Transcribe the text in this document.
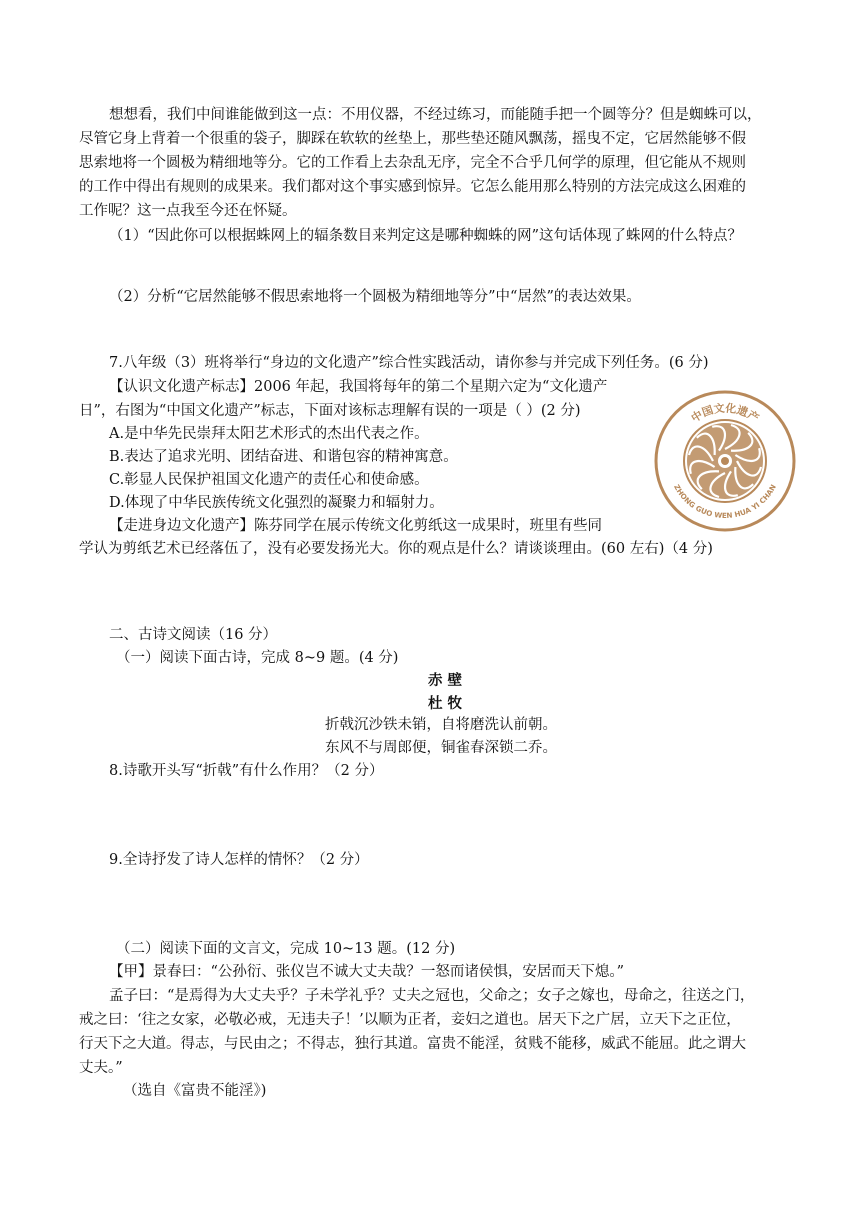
想想看，我们中间谁能做到这一点：不用仪器，不经过练习，而能随手把一个圆等分？但是蜘蛛可以，
尽管它身上背着一个很重的袋子，脚踩在软软的丝垫上，那些垫还随风飘荡，摇曳不定，它居然能够不假
思索地将一个圆极为精细地等分。它的工作看上去杂乱无序，完全不合乎几何学的原理，但它能从不规则
的工作中得出有规则的成果来。我们都对这个事实感到惊异。它怎么能用那么特别的方法完成这么困难的
工作呢？这一点我至今还在怀疑。
（1）“因此你可以根据蛛网上的辐条数目来判定这是哪种蜘蛛的网”这句话体现了蛛网的什么特点？
（2）分析“它居然能够不假思索地将一个圆极为精细地等分”中“居然”的表达效果。
7.八年级（3）班将举行“身边的文化遗产”综合性实践活动，请你参与并完成下列任务。(6 分)
【认识文化遗产标志】2006 年起，我国将每年的第二个星期六定为“文化遗产
日”，右图为“中国文化遗产”标志，下面对该标志理解有误的一项是（ ）(2 分)
A.是中华先民崇拜太阳艺术形式的杰出代表之作。
B.表达了追求光明、团结奋进、和谐包容的精神寓意。
C.彰显人民保护祖国文化遗产的责任心和使命感。
D.体现了中华民族传统文化强烈的凝聚力和辐射力。
【走进身边文化遗产】陈芬同学在展示传统文化剪纸这一成果时，班里有些同
学认为剪纸艺术已经落伍了，没有必要发扬光大。你的观点是什么？请谈谈理由。(60 左右)（4 分)
中国文化遗产
ZHONG GUO WEN HUA YI CHAN
二、古诗文阅读（16 分）
（一）阅读下面古诗，完成 8~9 题。(4 分)
赤 壁
杜 牧
折戟沉沙铁未销，自将磨洗认前朝。
东风不与周郎便，铜雀春深锁二乔。
8.诗歌开头写“折戟”有什么作用？（2 分）
9.全诗抒发了诗人怎样的情怀？（2 分）
（二）阅读下面的文言文，完成 10~13 题。(12 分)
【甲】景春曰：“公孙衍、张仪岂不诚大丈夫哉？一怒而诸侯惧，安居而天下熄。”
孟子曰：“是焉得为大丈夫乎？子未学礼乎？丈夫之冠也，父命之；女子之嫁也，母命之，往送之门，
戒之曰：‘往之女家，必敬必戒，无违夫子！’以顺为正者，妾妇之道也。居天下之广居，立天下之正位，
行天下之大道。得志，与民由之；不得志，独行其道。富贵不能淫，贫贱不能移，威武不能屈。此之谓大
丈夫。”
（选自《富贵不能淫》)
